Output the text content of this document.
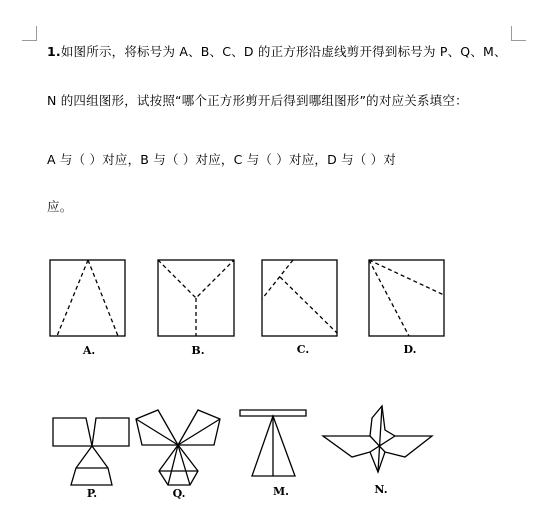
1.如图所示，将标号为 A、B、C、D 的正方形沿虚线剪开得到标号为 P、Q、M、
N 的四组图形，试按照“哪个正方形剪开后得到哪组图形”的对应关系填空：
A 与（ ）对应，B 与（ ）对应，C 与（ ）对应，D 与（ ）对
应。
A.	B.	C.	D.
P.	Q.	M.	N.
